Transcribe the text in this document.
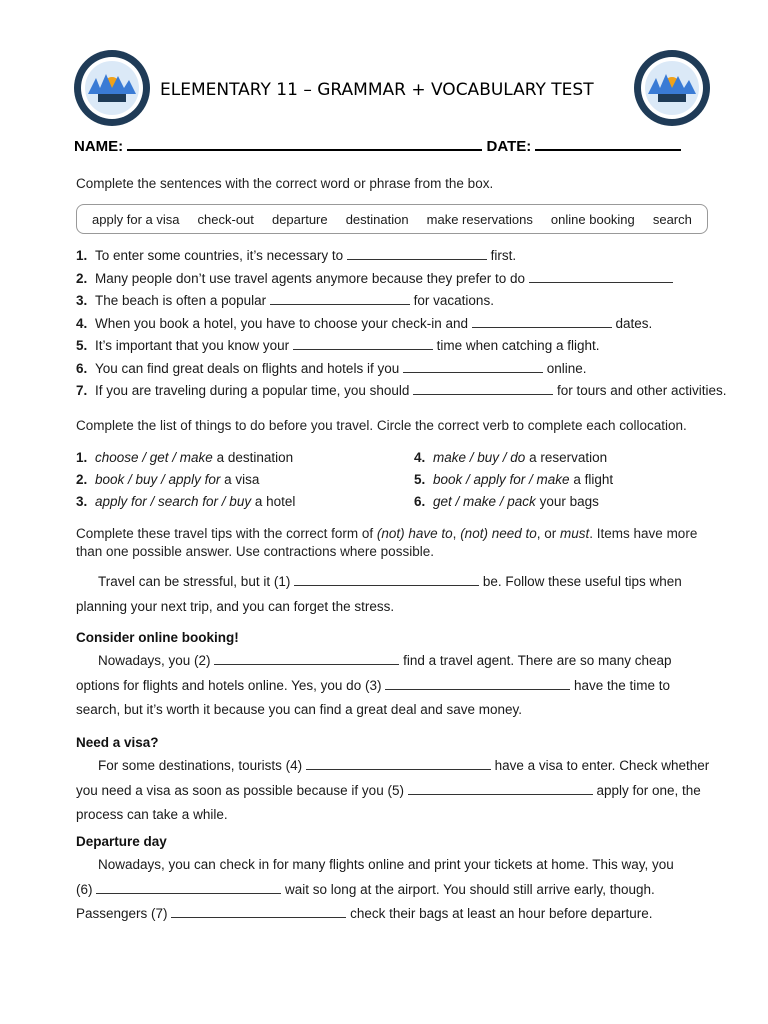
ELEMENTARY 11 – GRAMMAR + VOCABULARY TEST
NAME:	DATE:
Complete the sentences with the correct word or phrase from the box.
apply for a visa check-out departure destination make reservations online booking search
1. To enter some countries, it’s necessary to	first.
2. Many people don’t use travel agents anymore because they prefer to do
3. The beach is often a popular	for vacations.
4. When you book a hotel, you have to choose your check-in and	dates.
5. It’s important that you know your	time when catching a flight.
6. You can find great deals on flights and hotels if you	online.
7. If you are traveling during a popular time, you should	for tours and other activities.
Complete the list of things to do before you travel. Circle the correct verb to complete each collocation.
1. choose / get / make a destination	4. make / buy / do a reservation
2. book / buy / apply for a visa	5. book / apply for / make a flight
3. apply for / search for / buy a hotel	6. get / make / pack your bags
Complete these travel tips with the correct form of (not) have to, (not) need to, or must. Items have more
than one possible answer. Use contractions where possible.
Travel can be stressful, but it (1)	be. Follow these useful tips when
planning your next trip, and you can forget the stress.
Consider online booking!
Nowadays, you (2)	find a travel agent. There are so many cheap
options for flights and hotels online. Yes, you do (3)	have the time to
search, but it’s worth it because you can find a great deal and save money.
Need a visa?
For some destinations, tourists (4)	have a visa to enter. Check whether
you need a visa as soon as possible because if you (5)	apply for one, the
process can take a while.
Departure day
Nowadays, you can check in for many flights online and print your tickets at home. This way, you
(6)	wait so long at the airport. You should still arrive early, though.
Passengers (7)	check their bags at least an hour before departure.
